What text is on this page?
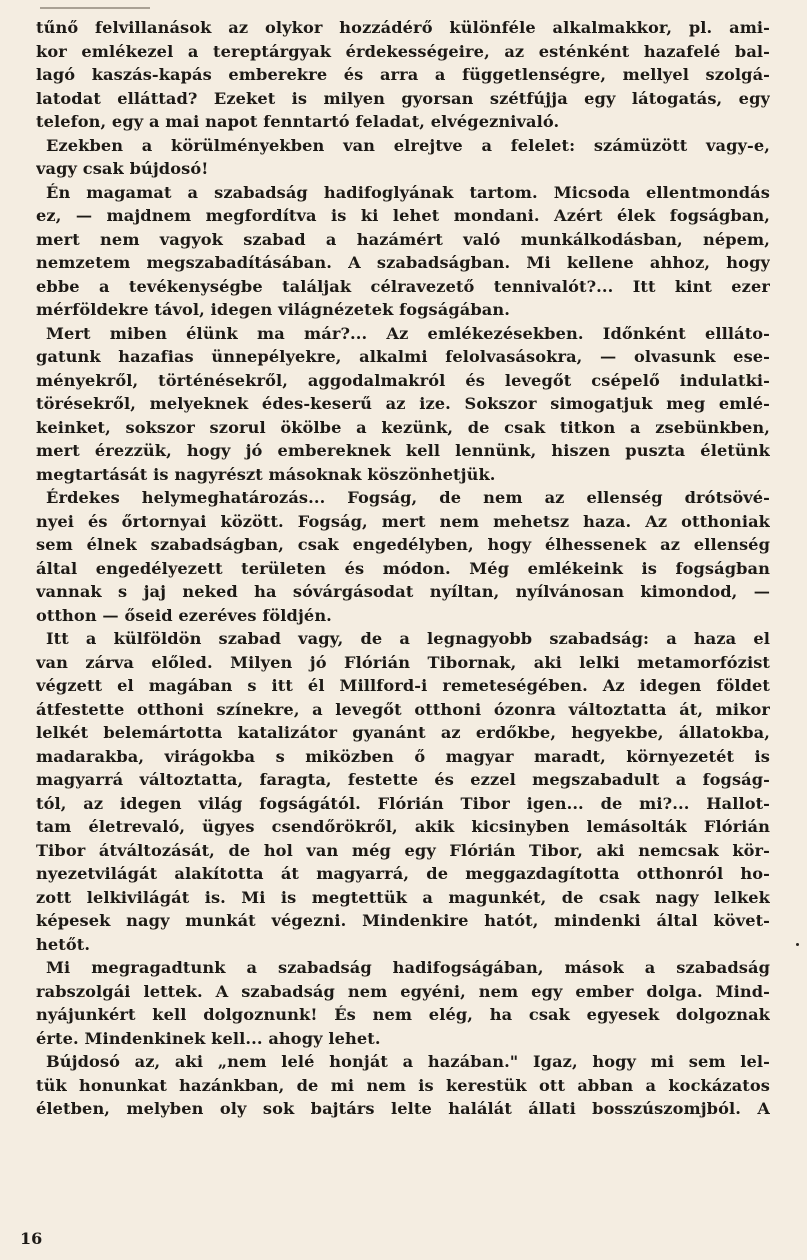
tűnő felvillanások az olykor hozzádérő különféle alkalmakkor, pl. ami-
kor emlékezel a tereptárgyak érdekességeire, az esténként hazafelé bal-
lagó kaszás-kapás emberekre és arra a függetlenségre, mellyel szolgá-
latodat elláttad? Ezeket is milyen gyorsan szétfújja egy látogatás, egy
telefon, egy a mai napot fenntartó feladat, elvégeznivaló.
Ezekben a körülményekben van elrejtve a felelet: számüzött vagy-e,
vagy csak bújdosó!
Én magamat a szabadság hadifoglyának tartom. Micsoda ellentmondás
ez, — majdnem megfordítva is ki lehet mondani. Azért élek fogságban,
mert nem vagyok szabad a hazámért való munkálkodásban, népem,
nemzetem megszabadításában. A szabadságban. Mi kellene ahhoz, hogy
ebbe a tevékenységbe találjak célravezető tennivalót?... Itt kint ezer
mérföldekre távol, idegen világnézetek fogságában.
Mert miben élünk ma már?... Az emlékezésekben. Időnként ellláto-
gatunk hazafias ünnepélyekre, alkalmi felolvasásokra, — olvasunk ese-
ményekről, történésekről, aggodalmakról és levegőt csépelő indulatki-
törésekről, melyeknek édes-keserű az ize. Sokszor simogatjuk meg emlé-
keinket, sokszor szorul ökölbe a kezünk, de csak titkon a zsebünkben,
mert érezzük, hogy jó embereknek kell lennünk, hiszen puszta életünk
megtartását is nagyrészt másoknak köszönhetjük.
Érdekes helymeghatározás... Fogság, de nem az ellenség drótsövé-
nyei és őrtornyai között. Fogság, mert nem mehetsz haza. Az otthoniak
sem élnek szabadságban, csak engedélyben, hogy élhessenek az ellenség
által engedélyezett területen és módon. Még emlékeink is fogságban
vannak s jaj neked ha sóvárgásodat nyíltan, nyílvánosan kimondod, —
otthon — őseid ezeréves földjén.
Itt a külföldön szabad vagy, de a legnagyobb szabadság: a haza el
van zárva előled. Milyen jó Flórián Tibornak, aki lelki metamorfózist
végzett el magában s itt él Millford-i remeteségében. Az idegen földet
átfestette otthoni színekre, a levegőt otthoni ózonra változtatta át, mikor
lelkét belemártotta katalizátor gyanánt az erdőkbe, hegyekbe, állatokba,
madarakba, virágokba s miközben ő magyar maradt, környezetét is
magyarrá változtatta, faragta, festette és ezzel megszabadult a fogság-
tól, az idegen világ fogságától. Flórián Tibor igen... de mi?... Hallot-
tam életrevaló, ügyes csendőrökről, akik kicsinyben lemásolták Flórián
Tibor átváltozását, de hol van még egy Flórián Tibor, aki nemcsak kör-
nyezetvilágát alakította át magyarrá, de meggazdagította otthonról ho-
zott lelkivilágát is. Mi is megtettük a magunkét, de csak nagy lelkek
képesek nagy munkát végezni. Mindenkire hatót, mindenki által követ-
hetőt.
Mi megragadtunk a szabadság hadifogságában, mások a szabadság
rabszolgái lettek. A szabadság nem egyéni, nem egy ember dolga. Mind-
nyájunkért kell dolgoznunk! És nem elég, ha csak egyesek dolgoznak
érte. Mindenkinek kell... ahogy lehet.
Bújdosó az, aki „nem lelé honját a hazában." Igaz, hogy mi sem lel-
tük honunkat hazánkban, de mi nem is kerestük ott abban a kockázatos
életben, melyben oly sok bajtárs lelte halálát állati bosszúszomjból. A
16
